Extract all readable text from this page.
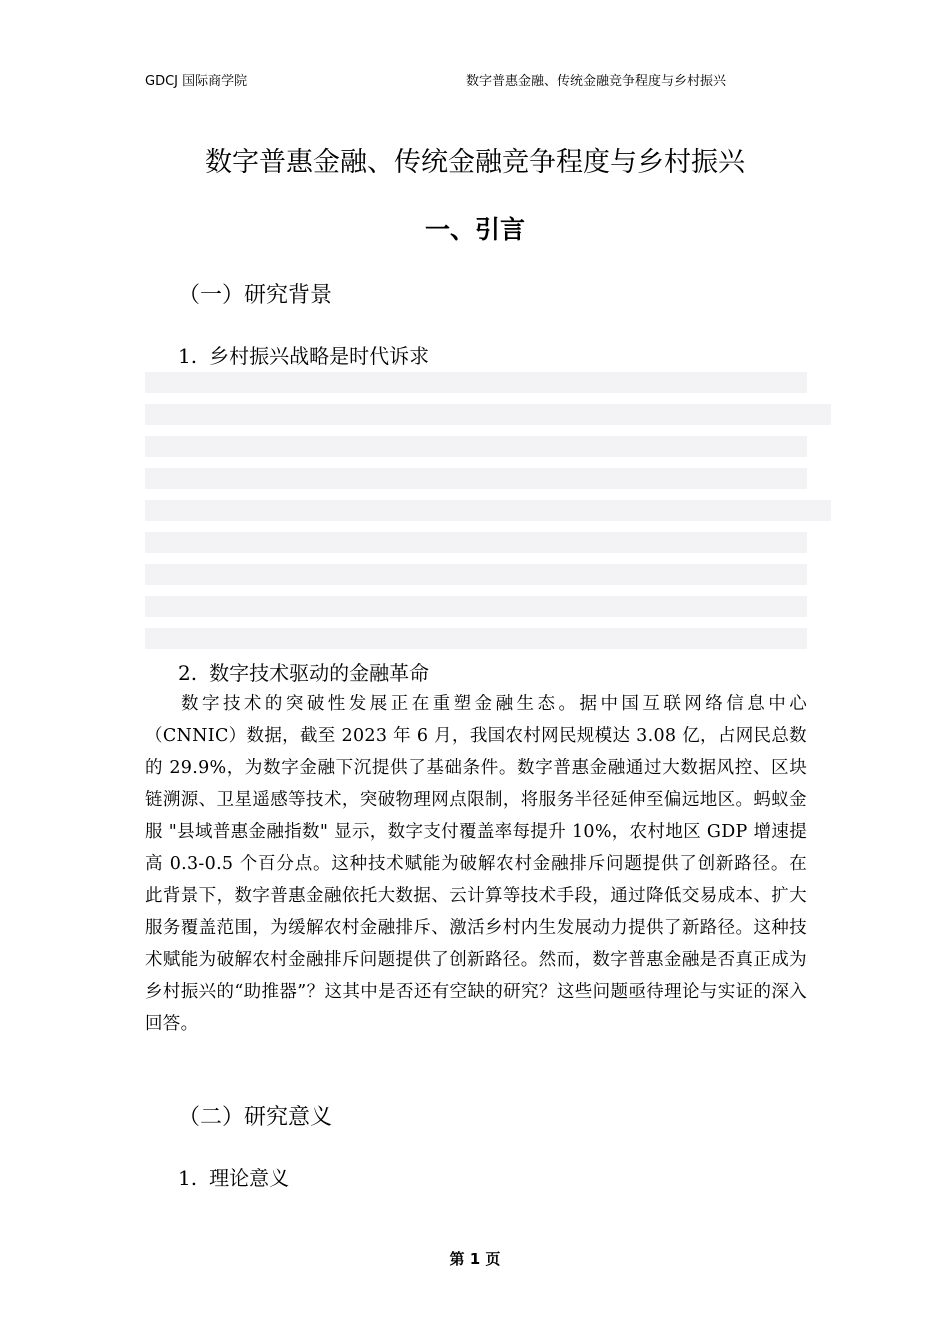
GDCJ 国际商学院	数字普惠金融、传统金融竞争程度与乡村振兴
数字普惠金融、传统金融竞争程度与乡村振兴
一、引言
（一）研究背景
1. 乡村振兴战略是时代诉求
2. 数字技术驱动的金融革命
数字技术的突破性发展正在重塑金融生态。据中国互联网络信息中心（CNNIC）数据，截至 2023 年 6 月，我国农村网民规模达 3.08 亿，占网民总数的 29.9%，为数字金融下沉提供了基础条件。数字普惠金融通过大数据风控、区块链溯源、卫星遥感等技术，突破物理网点限制，将服务半径延伸至偏远地区。蚂蚁金服 "县域普惠金融指数" 显示，数字支付覆盖率每提升 10%，农村地区 GDP 增速提高 0.3-0.5 个百分点。这种技术赋能为破解农村金融排斥问题提供了创新路径。在此背景下，数字普惠金融依托大数据、云计算等技术手段，通过降低交易成本、扩大服务覆盖范围，为缓解农村金融排斥、激活乡村内生发展动力提供了新路径。这种技术赋能为破解农村金融排斥问题提供了创新路径。然而，数字普惠金融是否真正成为乡村振兴的“助推器”？这其中是否还有空缺的研究？这些问题亟待理论与实证的深入回答。
（二）研究意义
1. 理论意义
第 1 页
